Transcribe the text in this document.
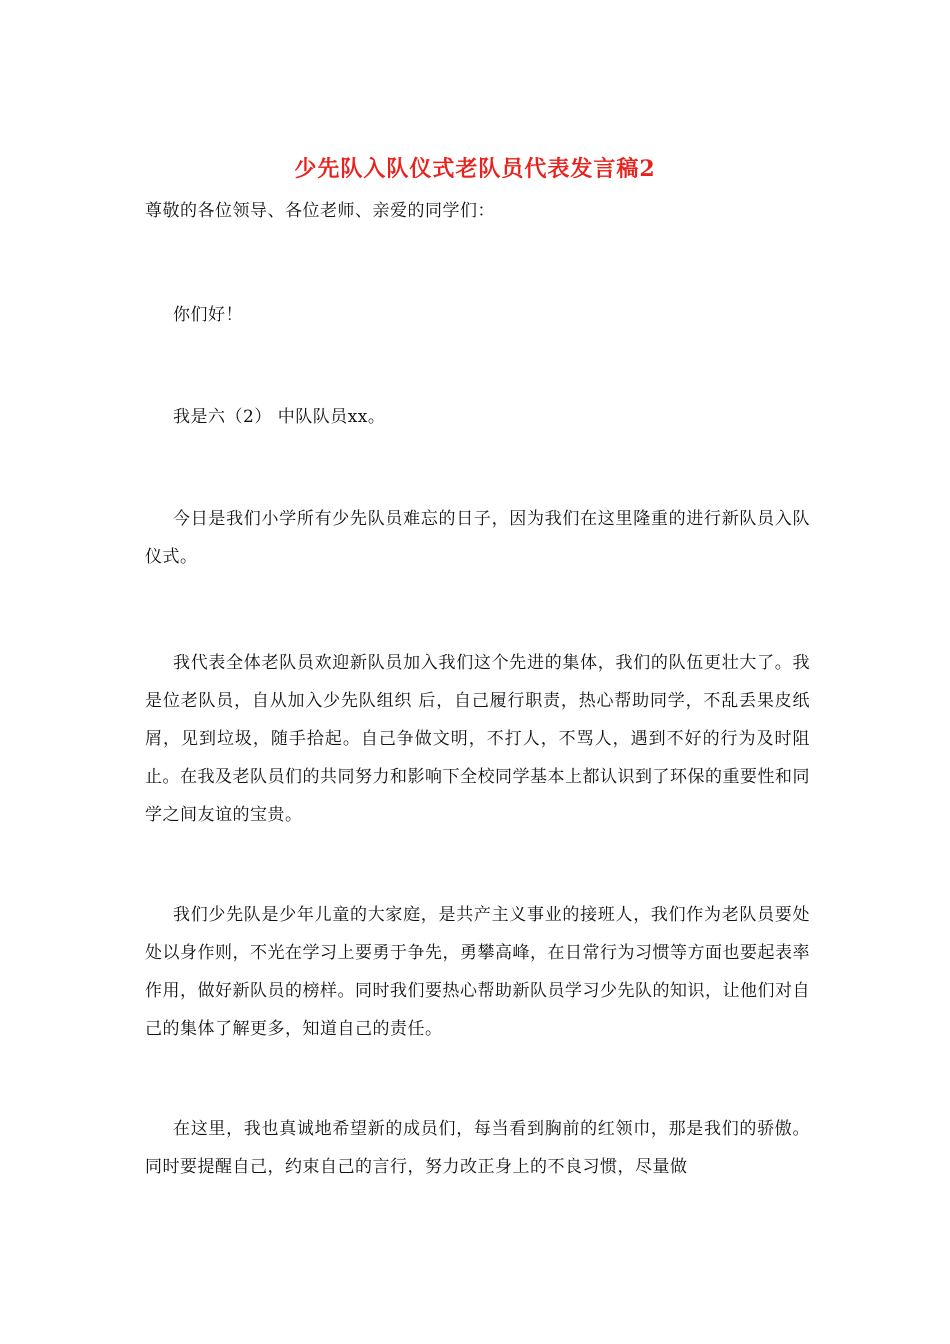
少先队入队仪式老队员代表发言稿2
尊敬的各位领导、各位老师、亲爱的同学们：

你们好！

我是六（2） 中队队员xx。

今日是我们小学所有少先队员难忘的日子，因为我们在这里隆重的进行新队员入队仪式。

我代表全体老队员欢迎新队员加入我们这个先进的集体，我们的队伍更壮大了。我是位老队员，自从加入少先队组织 后，自己履行职责，热心帮助同学，不乱丢果皮纸屑，见到垃圾，随手拾起。自己争做文明，不打人，不骂人，遇到不好的行为及时阻止。在我及老队员们的共同努力和影响下全校同学基本上都认识到了环保的重要性和同学之间友谊的宝贵。

我们少先队是少年儿童的大家庭，是共产主义事业的接班人，我们作为老队员要处处以身作则，不光在学习上要勇于争先，勇攀高峰，在日常行为习惯等方面也要起表率作用，做好新队员的榜样。同时我们要热心帮助新队员学习少先队的知识，让他们对自己的集体了解更多，知道自己的责任。

在这里，我也真诚地希望新的成员们，每当看到胸前的红领巾，那是我们的骄傲。同时要提醒自己，约束自己的言行，努力改正身上的不良习惯，尽量做
